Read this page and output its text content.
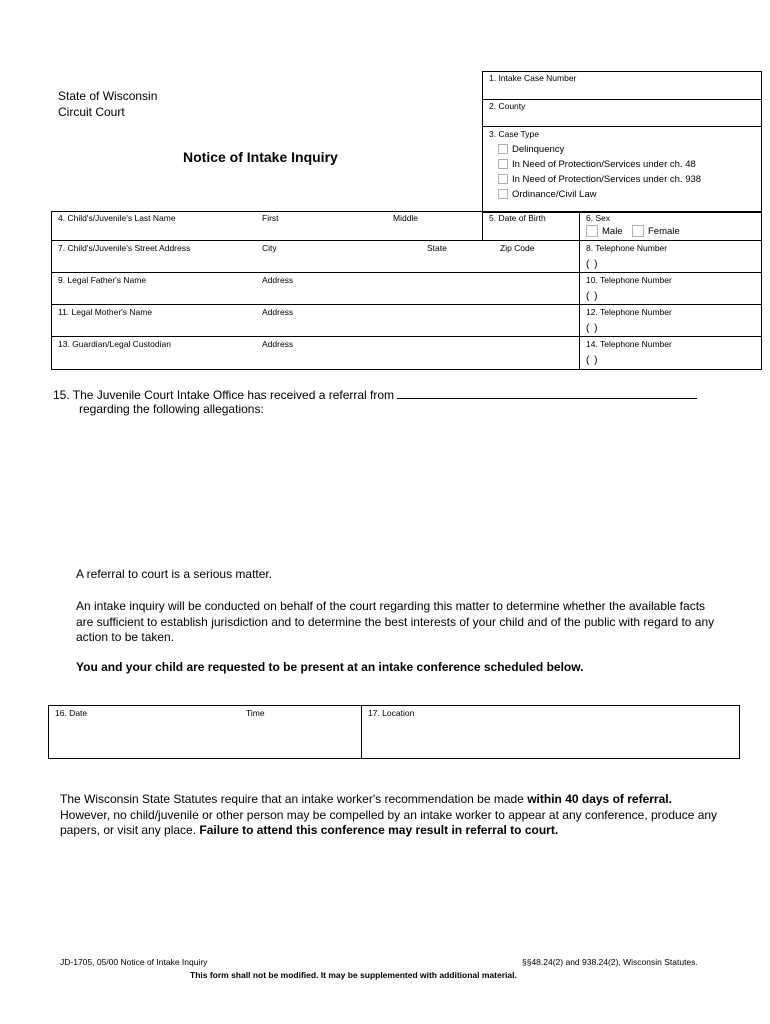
State of Wisconsin
Circuit Court
Notice of Intake Inquiry
1. Intake Case Number
2. County
3. Case Type
Delinquency
In Need of Protection/Services under ch. 48
In Need of Protection/Services under ch. 938
Ordinance/Civil Law
4. Child's/Juvenile's Last Name	First	Middle	5. Date of Birth	6. Sex
Male	Female
7. Child's/Juvenile's Street Address	City	State	Zip Code	8. Telephone Number
( )
9. Legal Father's Name	Address	10. Telephone Number
( )
11. Legal Mother's Name	Address	12. Telephone Number
( )
13. Guardian/Legal Custodian	Address	14. Telephone Number
( )
15. The Juvenile Court Intake Office has received a referral from
regarding the following allegations:
A referral to court is a serious matter.
An intake inquiry will be conducted on behalf of the court regarding this matter to determine whether the available facts are sufficient to establish jurisdiction and to determine the best interests of your child and of the public with regard to any action to be taken.
You and your child are requested to be present at an intake conference scheduled below.
16. Date	Time	17. Location
The Wisconsin State Statutes require that an intake worker's recommendation be made within 40 days of referral. However, no child/juvenile or other person may be compelled by an intake worker to appear at any conference, produce any papers, or visit any place. Failure to attend this conference may result in referral to court.
JD-1705, 05/00 Notice of Intake Inquiry	§§48.24(2) and 938.24(2), Wisconsin Statutes.
This form shall not be modified. It may be supplemented with additional material.
